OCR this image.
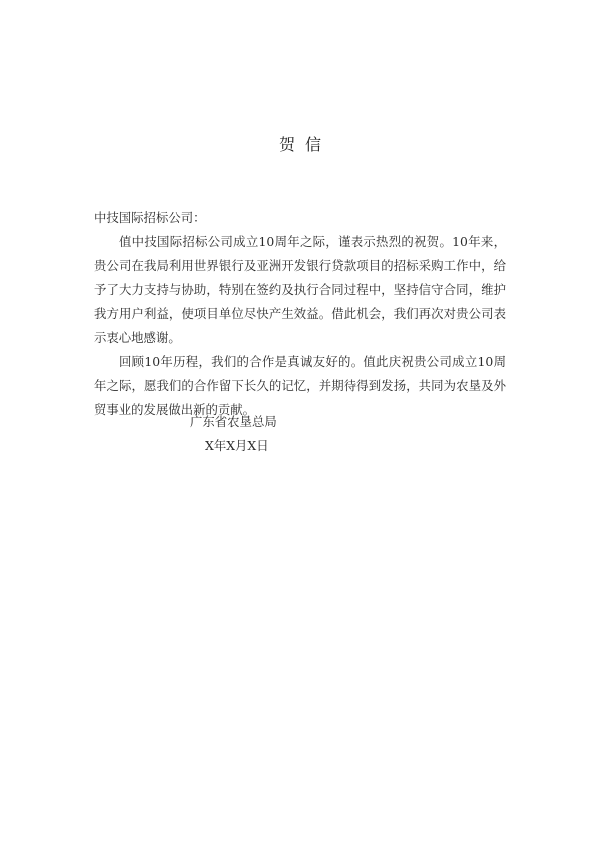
贺信

中技国际招标公司：

值中技国际招标公司成立10周年之际，谨表示热烈的祝贺。10年来，贵公司在我局利用世界银行及亚洲开发银行贷款项目的招标采购工作中，给予了大力支持与协助，特别在签约及执行合同过程中，坚持信守合同，维护我方用户利益，使项目单位尽快产生效益。借此机会，我们再次对贵公司表示衷心地感谢。

回顾10年历程，我们的合作是真诚友好的。值此庆祝贵公司成立10周年之际，愿我们的合作留下长久的记忆，并期待得到发扬，共同为农垦及外贸事业的发展做出新的贡献。

广东省农垦总局
X年X月X日
